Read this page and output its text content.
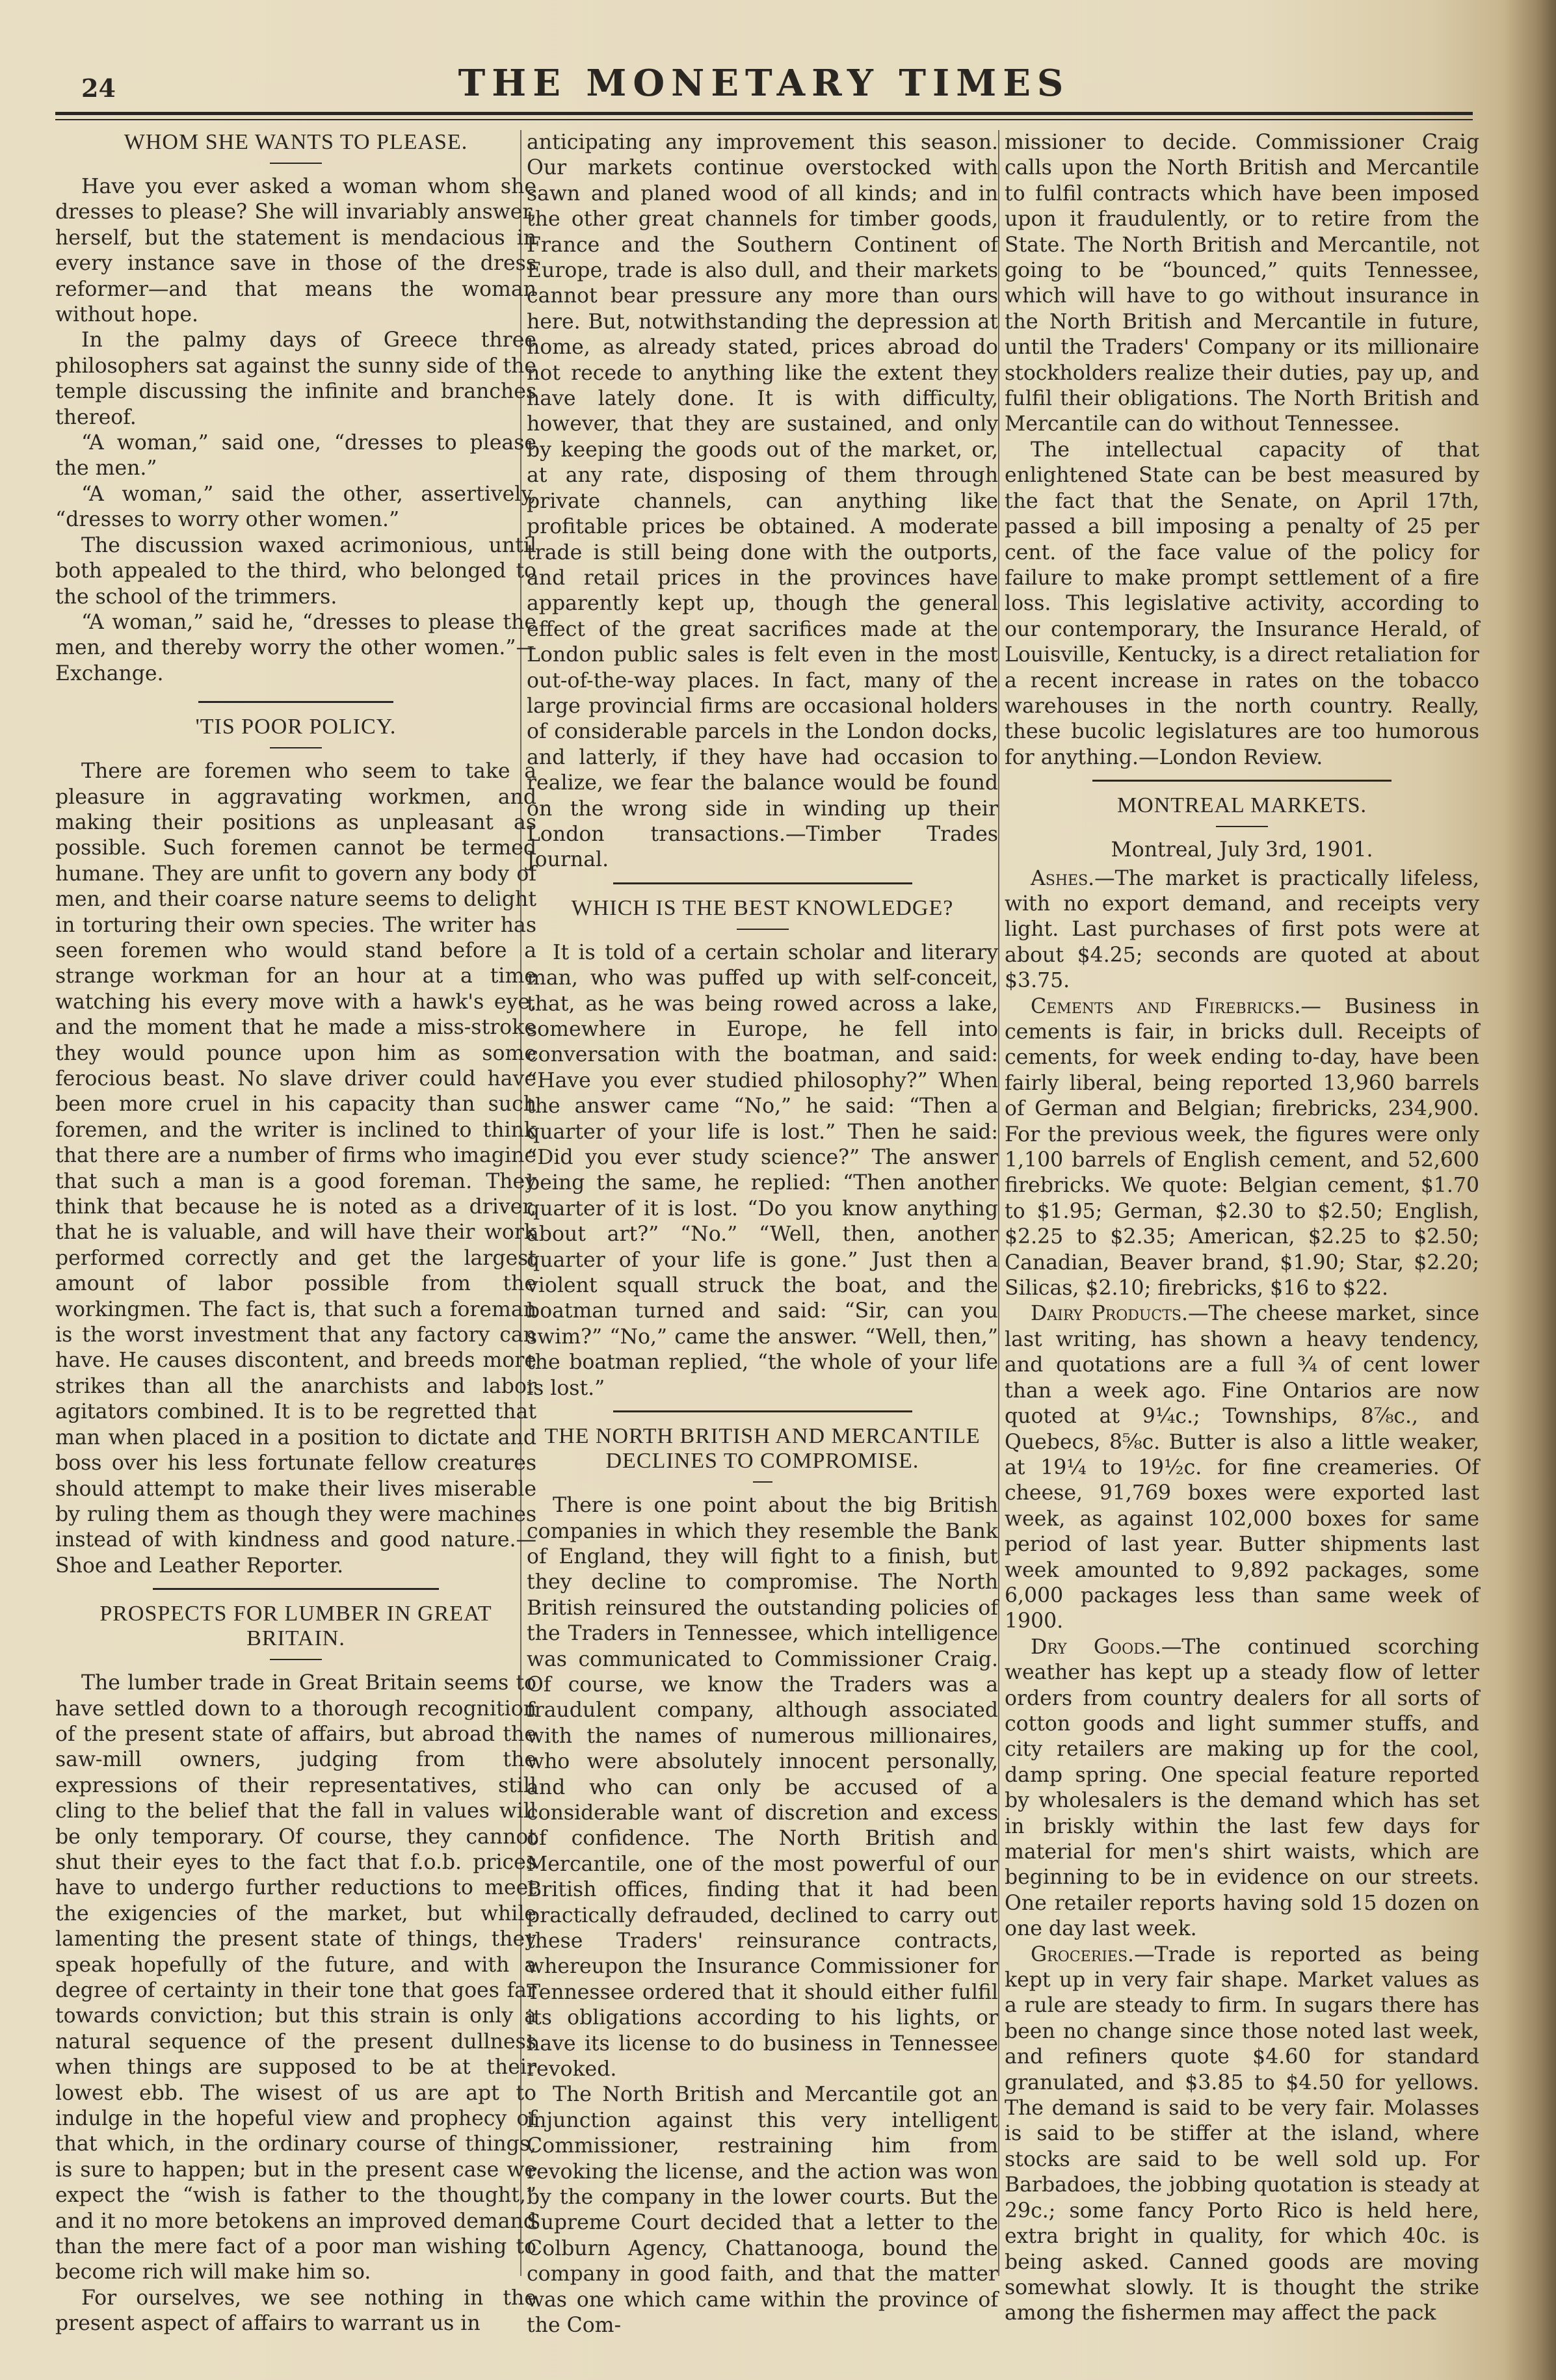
24	THE MONETARY TIMES
WHOM SHE WANTS TO PLEASE.

Have you ever asked a woman whom she dresses to please? She will invariably answer, herself, but the statement is mendacious in every instance save in those of the dress reformer—and that means the woman without hope.

In the palmy days of Greece three philosophers sat against the sunny side of the temple discussing the infinite and branches thereof.

“A woman,” said one, “dresses to please the men.”

“A woman,” said the other, assertively, “dresses to worry other women.”

The discussion waxed acrimonious, until both appealed to the third, who belonged to the school of the trimmers.

“A woman,” said he, “dresses to please the men, and thereby worry the other women.”—Exchange.

'TIS POOR POLICY.

There are foremen who seem to take a pleasure in aggravating workmen, and making their positions as unpleasant as possible. Such foremen cannot be termed humane. They are unfit to govern any body of men, and their coarse nature seems to delight in torturing their own species. The writer has seen foremen who would stand before a strange workman for an hour at a time watching his every move with a hawk's eye, and the moment that he made a miss-stroke they would pounce upon him as some ferocious beast. No slave driver could have been more cruel in his capacity than such foremen, and the writer is inclined to think that there are a number of firms who imagine that such a man is a good foreman. They think that because he is noted as a driver, that he is valuable, and will have their work performed correctly and get the largest amount of labor possible from the workingmen. The fact is, that such a foreman is the worst investment that any factory can have. He causes discontent, and breeds more strikes than all the anarchists and labor agitators combined. It is to be regretted that man when placed in a position to dictate and boss over his less fortunate fellow creatures should attempt to make their lives miserable by ruling them as though they were machines instead of with kindness and good nature.—Shoe and Leather Reporter.

PROSPECTS FOR LUMBER IN GREAT BRITAIN.

The lumber trade in Great Britain seems to have settled down to a thorough recognition of the present state of affairs, but abroad the saw-mill owners, judging from the expressions of their representatives, still cling to the belief that the fall in values will be only temporary. Of course, they cannot shut their eyes to the fact that f.o.b. prices have to undergo further reductions to meet the exigencies of the market, but while lamenting the present state of things, they speak hopefully of the future, and with a degree of certainty in their tone that goes far towards conviction; but this strain is only a natural sequence of the present dullness when things are supposed to be at their lowest ebb. The wisest of us are apt to indulge in the hopeful view and prophecy of that which, in the ordinary course of things, is sure to happen; but in the present case we expect the “wish is father to the thought,” and it no more betokens an improved demand than the mere fact of a poor man wishing to become rich will make him so.

For ourselves, we see nothing in the present aspect of affairs to warrant us in

anticipating any improvement this season. Our markets continue overstocked with sawn and planed wood of all kinds; and in the other great channels for timber goods, France and the Southern Continent of Europe, trade is also dull, and their markets cannot bear pressure any more than ours here. But, notwithstanding the depression at home, as already stated, prices abroad do not recede to anything like the extent they have lately done. It is with difficulty, however, that they are sustained, and only by keeping the goods out of the market, or, at any rate, disposing of them through private channels, can anything like profitable prices be obtained. A moderate trade is still being done with the outports, and retail prices in the provinces have apparently kept up, though the general effect of the great sacrifices made at the London public sales is felt even in the most out-of-the-way places. In fact, many of the large provincial firms are occasional holders of considerable parcels in the London docks, and latterly, if they have had occasion to realize, we fear the balance would be found on the wrong side in winding up their London transactions.—Timber Trades Journal.

WHICH IS THE BEST KNOWLEDGE?

It is told of a certain scholar and literary man, who was puffed up with self-conceit, that, as he was being rowed across a lake, somewhere in Europe, he fell into conversation with the boatman, and said: “Have you ever studied philosophy?” When the answer came “No,” he said: “Then a quarter of your life is lost.” Then he said: “Did you ever study science?” The answer being the same, he replied: “Then another quarter of it is lost. “Do you know anything about art?” “No.” “Well, then, another quarter of your life is gone.” Just then a violent squall struck the boat, and the boatman turned and said: “Sir, can you swim?” “No,” came the answer. “Well, then,” the boatman replied, “the whole of your life is lost.”

THE NORTH BRITISH AND MERCANTILE DECLINES TO COMPROMISE.

There is one point about the big British companies in which they resemble the Bank of England, they will fight to a finish, but they decline to compromise. The North British reinsured the outstanding policies of the Traders in Tennessee, which intelligence was communicated to Commissioner Craig. Of course, we know the Traders was a fraudulent company, although associated with the names of numerous millionaires, who were absolutely innocent personally, and who can only be accused of a considerable want of discretion and excess of confidence. The North British and Mercantile, one of the most powerful of our British offices, finding that it had been practically defrauded, declined to carry out these Traders' reinsurance contracts, whereupon the Insurance Commissioner for Tennessee ordered that it should either fulfil its obligations according to his lights, or have its license to do business in Tennessee revoked.

The North British and Mercantile got an injunction against this very intelligent Commissioner, restraining him from revoking the license, and the action was won by the company in the lower courts. But the Supreme Court decided that a letter to the Colburn Agency, Chattanooga, bound the company in good faith, and that the matter was one which came within the province of the Com-

missioner to decide. Commissioner Craig calls upon the North British and Mercantile to fulfil contracts which have been imposed upon it fraudulently, or to retire from the State. The North British and Mercantile, not going to be “bounced,” quits Tennessee, which will have to go without insurance in the North British and Mercantile in future, until the Traders' Company or its millionaire stockholders realize their duties, pay up, and fulfil their obligations. The North British and Mercantile can do without Tennessee.

The intellectual capacity of that enlightened State can be best measured by the fact that the Senate, on April 17th, passed a bill imposing a penalty of 25 per cent. of the face value of the policy for failure to make prompt settlement of a fire loss. This legislative activity, according to our contemporary, the Insurance Herald, of Louisville, Kentucky, is a direct retaliation for a recent increase in rates on the tobacco warehouses in the north country. Really, these bucolic legislatures are too humorous for anything.—London Review.

MONTREAL MARKETS.

Montreal, July 3rd, 1901.

Ashes.—The market is practically lifeless, with no export demand, and receipts very light. Last purchases of first pots were at about $4.25; seconds are quoted at about $3.75.

Cements and Firebricks.— Business in cements is fair, in bricks dull. Receipts of cements, for week ending to-day, have been fairly liberal, being reported 13,960 barrels of German and Belgian; firebricks, 234,900. For the previous week, the figures were only 1,100 barrels of English cement, and 52,600 firebricks. We quote: Belgian cement, $1.70 to $1.95; German, $2.30 to $2.50; English, $2.25 to $2.35; American, $2.25 to $2.50; Canadian, Beaver brand, $1.90; Star, $2.20; Silicas, $2.10; firebricks, $16 to $22.

Dairy Products.—The cheese market, since last writing, has shown a heavy tendency, and quotations are a full ¾ of cent lower than a week ago. Fine Ontarios are now quoted at 9¼c.; Townships, 8⅞c., and Quebecs, 8⅝c. Butter is also a little weaker, at 19¼ to 19½c. for fine creameries. Of cheese, 91,769 boxes were exported last week, as against 102,000 boxes for same period of last year. Butter shipments last week amounted to 9,892 packages, some 6,000 packages less than same week of 1900.

Dry Goods.—The continued scorching weather has kept up a steady flow of letter orders from country dealers for all sorts of cotton goods and light summer stuffs, and city retailers are making up for the cool, damp spring. One special feature reported by wholesalers is the demand which has set in briskly within the last few days for material for men's shirt waists, which are beginning to be in evidence on our streets. One retailer reports having sold 15 dozen on one day last week.

Groceries.—Trade is reported as being kept up in very fair shape. Market values as a rule are steady to firm. In sugars there has been no change since those noted last week, and refiners quote $4.60 for standard granulated, and $3.85 to $4.50 for yellows. The demand is said to be very fair. Molasses is said to be stiffer at the island, where stocks are said to be well sold up. For Barbadoes, the jobbing quotation is steady at 29c.; some fancy Porto Rico is held here, extra bright in quality, for which 40c. is being asked. Canned goods are moving somewhat slowly. It is thought the strike among the fishermen may affect the pack
